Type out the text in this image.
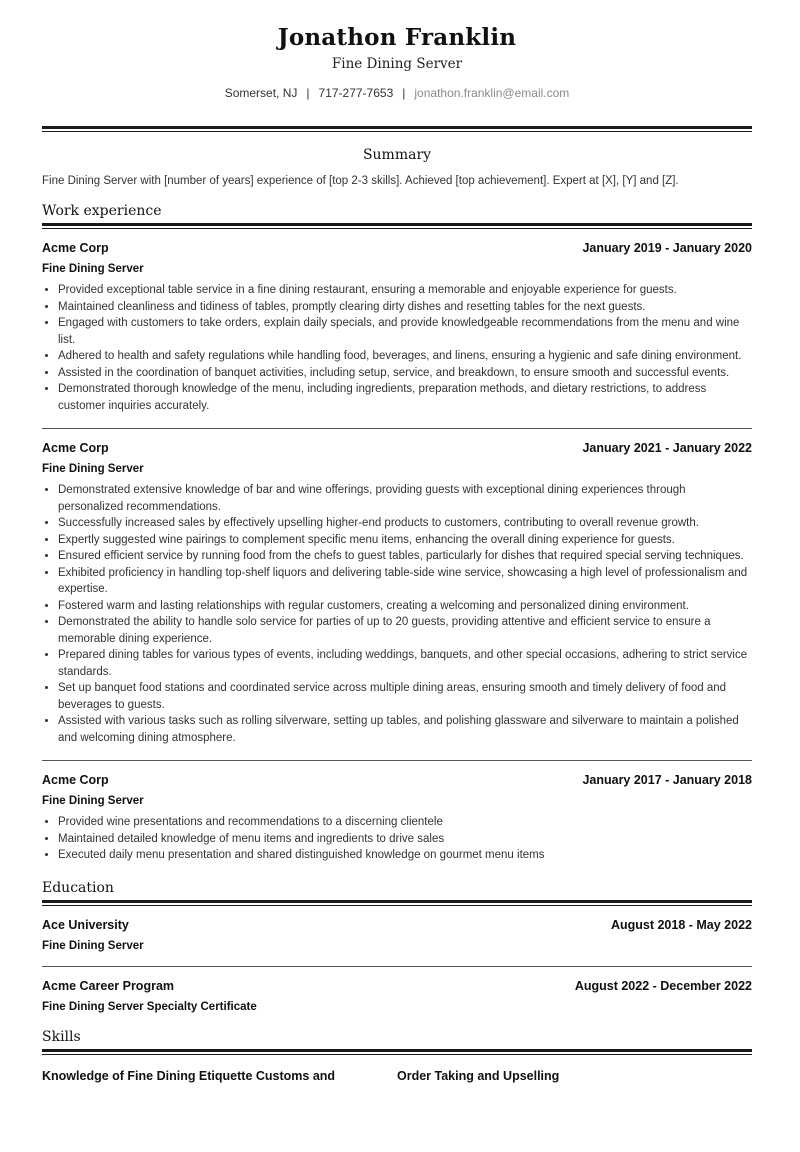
Jonathon Franklin
Fine Dining Server
Somerset, NJ | 717-277-7653 | jonathon.franklin@email.com
Summary
Fine Dining Server with [number of years] experience of [top 2-3 skills]. Achieved [top achievement]. Expert at [X], [Y] and [Z].
Work experience
Acme Corp	January 2019 - January 2020
Fine Dining Server
• Provided exceptional table service in a fine dining restaurant, ensuring a memorable and enjoyable experience for guests.
• Maintained cleanliness and tidiness of tables, promptly clearing dirty dishes and resetting tables for the next guests.
• Engaged with customers to take orders, explain daily specials, and provide knowledgeable recommendations from the menu and wine list.
• Adhered to health and safety regulations while handling food, beverages, and linens, ensuring a hygienic and safe dining environment.
• Assisted in the coordination of banquet activities, including setup, service, and breakdown, to ensure smooth and successful events.
• Demonstrated thorough knowledge of the menu, including ingredients, preparation methods, and dietary restrictions, to address customer inquiries accurately.
Acme Corp	January 2021 - January 2022
Fine Dining Server
• Demonstrated extensive knowledge of bar and wine offerings, providing guests with exceptional dining experiences through personalized recommendations.
• Successfully increased sales by effectively upselling higher-end products to customers, contributing to overall revenue growth.
• Expertly suggested wine pairings to complement specific menu items, enhancing the overall dining experience for guests.
• Ensured efficient service by running food from the chefs to guest tables, particularly for dishes that required special serving techniques.
• Exhibited proficiency in handling top-shelf liquors and delivering table-side wine service, showcasing a high level of professionalism and expertise.
• Fostered warm and lasting relationships with regular customers, creating a welcoming and personalized dining environment.
• Demonstrated the ability to handle solo service for parties of up to 20 guests, providing attentive and efficient service to ensure a memorable dining experience.
• Prepared dining tables for various types of events, including weddings, banquets, and other special occasions, adhering to strict service standards.
• Set up banquet food stations and coordinated service across multiple dining areas, ensuring smooth and timely delivery of food and beverages to guests.
• Assisted with various tasks such as rolling silverware, setting up tables, and polishing glassware and silverware to maintain a polished and welcoming dining atmosphere.
Acme Corp	January 2017 - January 2018
Fine Dining Server
• Provided wine presentations and recommendations to a discerning clientele
• Maintained detailed knowledge of menu items and ingredients to drive sales
• Executed daily menu presentation and shared distinguished knowledge on gourmet menu items
Education
Ace University	August 2018 - May 2022
Fine Dining Server
Acme Career Program	August 2022 - December 2022
Fine Dining Server Specialty Certificate
Skills
Knowledge of Fine Dining Etiquette Customs and	Order Taking and Upselling
